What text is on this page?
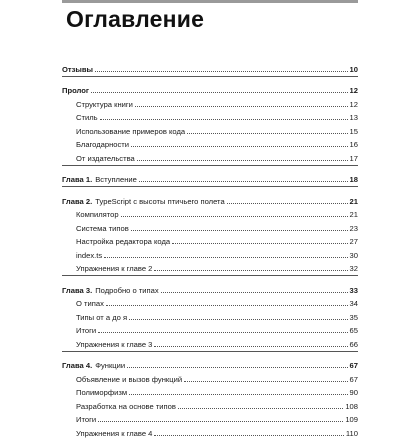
Оглавление
Отзывы	10
Пролог	12
Структура книги	12
Стиль	13
Использование примеров кода	15
Благодарности	16
От издательства	17
Глава 1. Вступление	18
Глава 2. TypeScript с высоты птичьего полета	21
Компилятор	21
Система типов	23
Настройка редактора кода	27
index.ts	30
Упражнения к главе 2	32
Глава 3. Подробно о типах	33
О типах	34
Типы от а до я	35
Итоги	65
Упражнения к главе 3	66
Глава 4. Функции	67
Объявление и вызов функций	67
Полиморфизм	90
Разработка на основе типов	108
Итоги	109
Упражнения к главе 4	110
